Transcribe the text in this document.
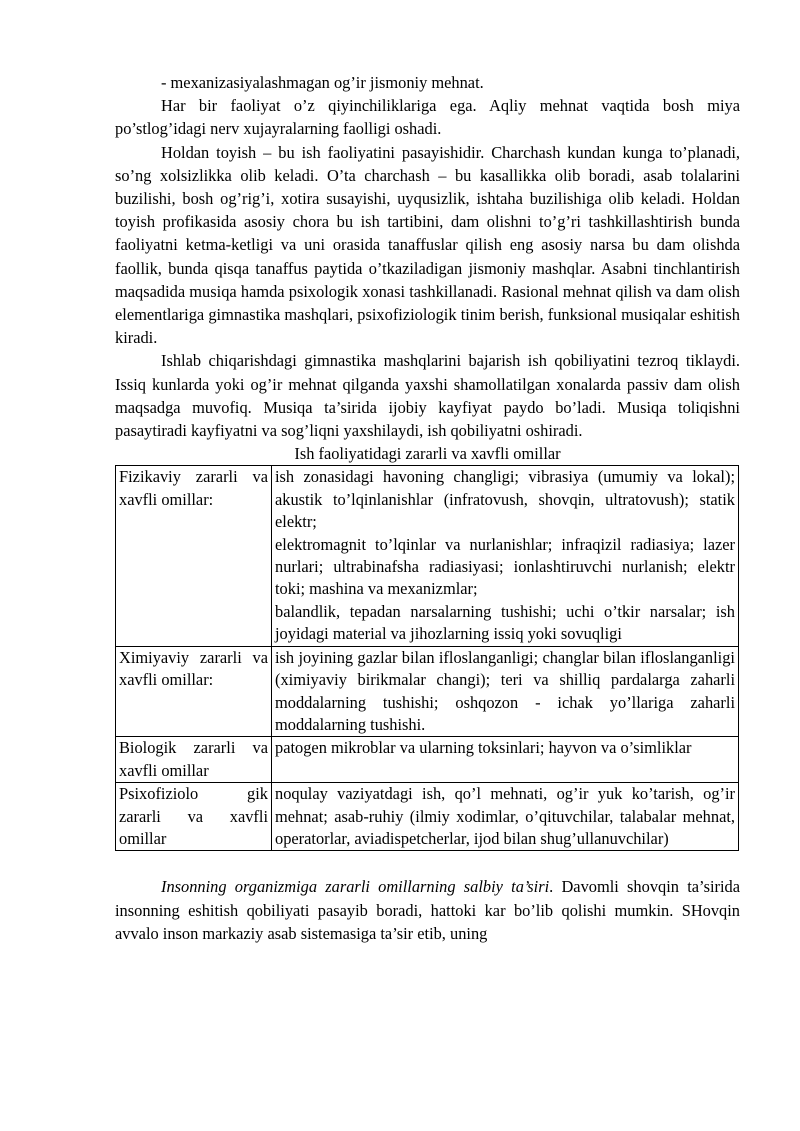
- mexanizasiyalashmagan og’ir jismoniy mehnat.

Har bir faoliyat o’z qiyinchiliklariga ega. Aqliy mehnat vaqtida bosh miya po’stlog’idagi nerv xujayralarning faolligi oshadi.

Holdan toyish – bu ish faoliyatini pasayishidir. Charchash kundan kunga to’planadi, so’ng xolsizlikka olib keladi. O’ta charchash – bu kasallikka olib boradi, asab tolalarini buzilishi, bosh og’rig’i, xotira susayishi, uyqusizlik, ishtaha buzilishiga olib keladi. Holdan toyish profikasida asosiy chora bu ish tartibini, dam olishni to’g’ri tashkillashtirish bunda faoliyatni ketma-ketligi va uni orasida tanaffuslar qilish eng asosiy narsa bu dam olishda faollik, bunda qisqa tanaffus paytida o’tkaziladigan jismoniy mashqlar. Asabni tinchlantirish maqsadida musiqa hamda psixologik xonasi tashkillanadi. Rasional mehnat qilish va dam olish elementlariga gimnastika mashqlari, psixofiziologik tinim berish, funksional musiqalar eshitish kiradi.

Ishlab chiqarishdagi gimnastika mashqlarini bajarish ish qobiliyatini tezroq tiklaydi. Issiq kunlarda yoki og’ir mehnat qilganda yaxshi shamollatilgan xonalarda passiv dam olish maqsadga muvofiq. Musiqa ta’sirida ijobiy kayfiyat paydo bo’ladi. Musiqa toliqishni pasaytiradi kayfiyatni va sog’liqni yaxshilaydi, ish qobiliyatni oshiradi.

Ish faoliyatidagi zararli va xavfli omillar
Fizikaviy zararli va xavfli omillar:	ish zonasidagi havoning changligi; vibrasiya (umumiy va lokal); akustik to’lqinlanishlar (infratovush, shovqin, ultratovush); statik elektr;
elektromagnit to’lqinlar va nurlanishlar; infraqizil radiasiya; lazer nurlari; ultrabinafsha radiasiyasi; ionlashtiruvchi nurlanish; elektr toki; mashina va mexanizmlar;
balandlik, tepadan narsalarning tushishi; uchi o’tkir narsalar; ish joyidagi material va jihozlarning issiq yoki sovuqligi

Ximiyaviy zararli va xavfli omillar:	ish joyining gazlar bilan ifloslanganligi; changlar bilan ifloslanganligi (ximiyaviy birikmalar changi); teri va shilliq pardalarga zaharli moddalarning tushishi; oshqozon - ichak yo’llariga zaharli moddalarning tushishi.

Biologik zararli va xavfli omillar	patogen mikroblar va ularning toksinlari; hayvon va o’simliklar

Psixofiziolo gik zararli va xavfli omillar	noqulay vaziyatdagi ish, qo’l mehnati, og’ir yuk ko’tarish, og’ir mehnat; asab-ruhiy (ilmiy xodimlar, o’qituvchilar, talabalar mehnat, operatorlar, aviadispetcherlar, ijod bilan shug’ullanuvchilar)

Insonning organizmiga zararli omillarning salbiy ta’siri. Davomli shovqin ta’sirida insonning eshitish qobiliyati pasayib boradi, hattoki kar bo’lib qolishi mumkin. SHovqin avvalo inson markaziy asab sistemasiga ta’sir etib, uning
